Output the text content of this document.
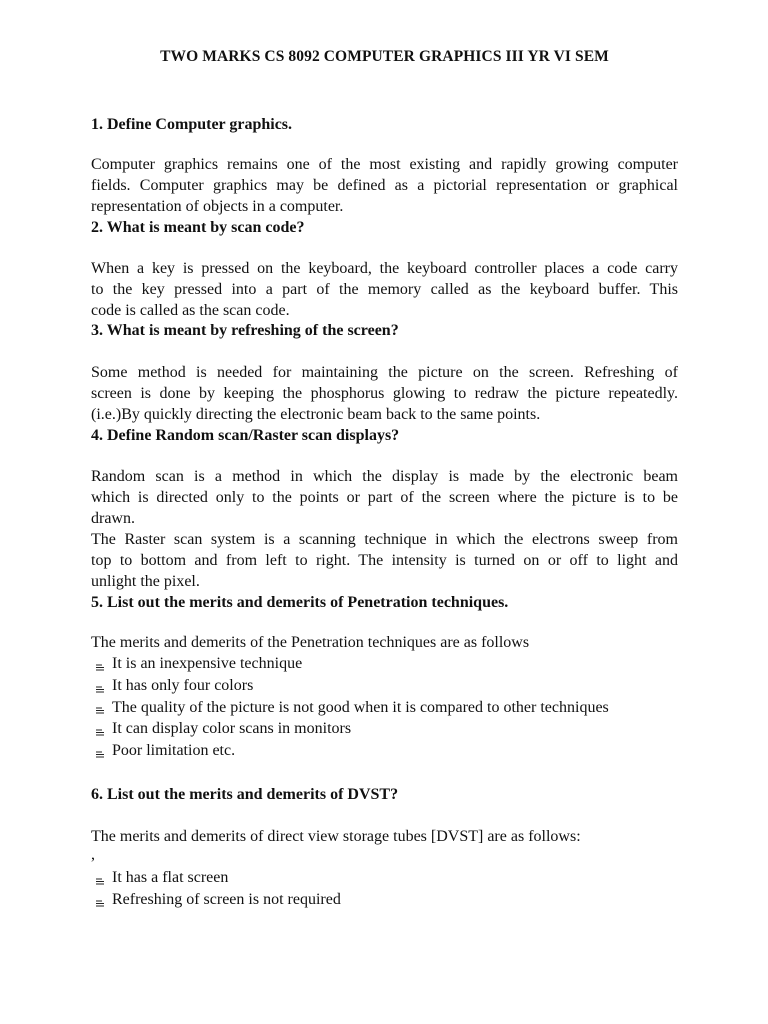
TWO MARKS CS 8092 COMPUTER GRAPHICS III YR VI SEM
1. Define Computer graphics.
Computer graphics remains one of the most existing and rapidly growing computer
fields. Computer graphics may be defined as a pictorial representation or graphical
representation of objects in a computer.
2. What is meant by scan code?
When a key is pressed on the keyboard, the keyboard controller places a code carry
to the key pressed into a part of the memory called as the keyboard buffer. This
code is called as the scan code.
3. What is meant by refreshing of the screen?
Some method is needed for maintaining the picture on the screen. Refreshing of
screen is done by keeping the phosphorus glowing to redraw the picture repeatedly.
(i.e.)By quickly directing the electronic beam back to the same points.
4. Define Random scan/Raster scan displays?
Random scan is a method in which the display is made by the electronic beam
which is directed only to the points or part of the screen where the picture is to be
drawn.
The Raster scan system is a scanning technique in which the electrons sweep from
top to bottom and from left to right. The intensity is turned on or off to light and
unlight the pixel.
5. List out the merits and demerits of Penetration techniques.
The merits and demerits of the Penetration techniques are as follows
It is an inexpensive technique
It has only four colors
The quality of the picture is not good when it is compared to other techniques
It can display color scans in monitors
Poor limitation etc.
6. List out the merits and demerits of DVST?
The merits and demerits of direct view storage tubes [DVST] are as follows:
,
It has a flat screen
Refreshing of screen is not required
